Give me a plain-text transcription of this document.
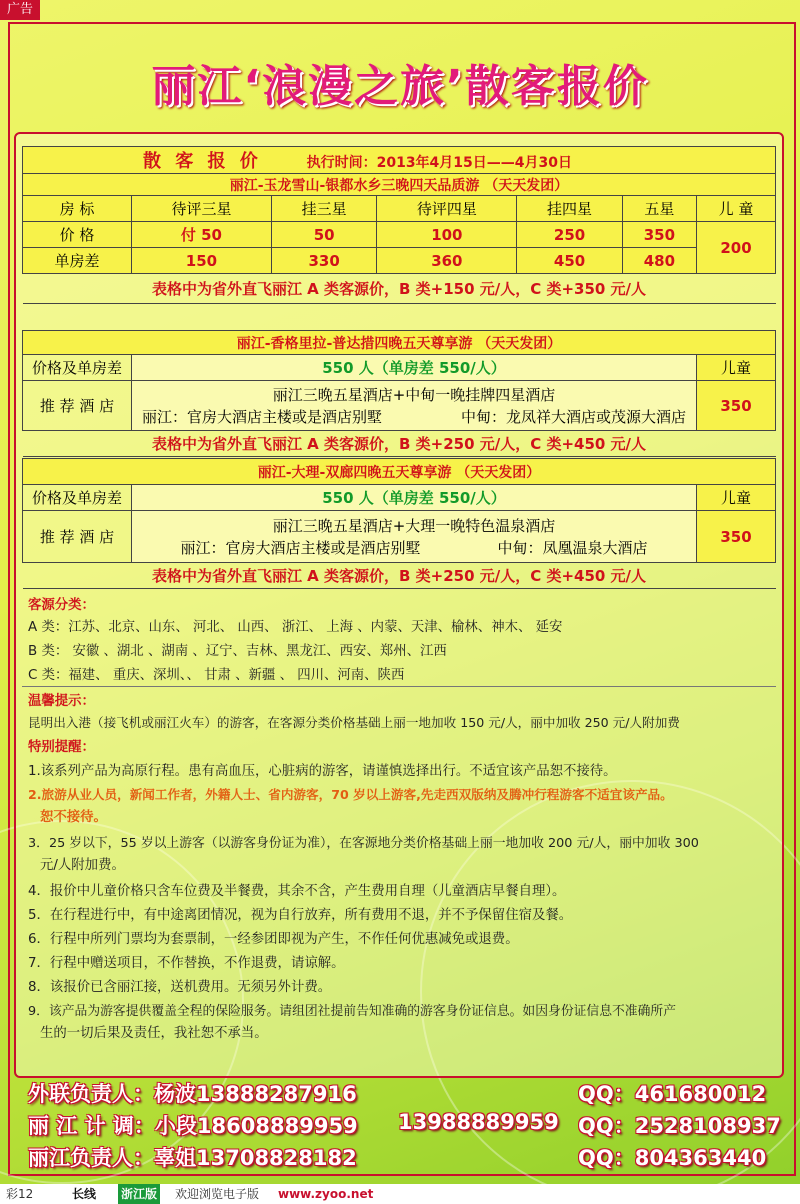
广告
丽江‘浪漫之旅’散客报价
散 客 报 价 执行时间：2013年4月15日——4月30日						
丽江-玉龙雪山-银都水乡三晚四天品质游 （天天发团）						
房 标	待评三星	挂三星	待评四星	挂四星	五星	儿 童
价 格	付 50	50	100	250	350	200
单房差	150	330	360	450	480	
表格中为省外直飞丽江 A 类客源价，B 类+150 元/人，C 类+350 元/人						
丽江-香格里拉-普达措四晚五天尊享游 （天天发团）		
价格及单房差	550 人（单房差 550/人）	儿童
推 荐 酒 店	丽江三晚五星酒店+中甸一晚挂牌四星酒店
丽江：官房大酒店主楼或是酒店别墅 中甸：龙凤祥大酒店或茂源大酒店	350
表格中为省外直飞丽江 A 类客源价，B 类+250 元/人，C 类+450 元/人		
丽江-大理-双廊四晚五天尊享游 （天天发团）		
价格及单房差	550 人（单房差 550/人）	儿童
推 荐 酒 店	丽江三晚五星酒店+大理一晚特色温泉酒店
丽江：官房大酒店主楼或是酒店别墅 中甸：凤凰温泉大酒店	350
表格中为省外直飞丽江 A 类客源价，B 类+250 元/人，C 类+450 元/人		
客源分类：
A 类：江苏、北京、山东、 河北、 山西、 浙江、 上海 、内蒙、天津、榆林、神木、 延安
B 类： 安徽 、湖北 、湖南 、辽宁、吉林、黑龙江、西安、郑州、江西
C 类：福建、 重庆、深圳、、 甘肃 、新疆 、 四川、河南、陕西
温馨提示：
昆明出入港（接飞机或丽江火车）的游客，在客源分类价格基础上丽一地加收 150 元/人，丽中加收 250 元/人附加费
特别提醒：
1.该系列产品为高原行程。患有高血压，心脏病的游客，请谨慎选择出行。不适宜该产品恕不接待。
2.旅游从业人员，新闻工作者，外籍人士、省内游客，70 岁以上游客,先走西双版纳及腾冲行程游客不适宜该产品。
恕不接待。
3．25 岁以下，55 岁以上游客（以游客身份证为准），在客源地分类价格基础上丽一地加收 200 元/人，丽中加收 300
元/人附加费。
4．报价中儿童价格只含车位费及半餐费，其余不含，产生费用自理（儿童酒店早餐自理）。
5．在行程进行中，有中途离团情况，视为自行放弃，所有费用不退，并不予保留住宿及餐。
6．行程中所列门票均为套票制，一经参团即视为产生，不作任何优惠减免或退费。
7．行程中赠送项目，不作替换，不作退费，请谅解。
8．该报价已含丽江接，送机费用。无须另外计费。
9．该产品为游客提供覆盖全程的保险服务。请组团社提前告知准确的游客身份证信息。如因身份证信息不准确所产
生的一切后果及责任，我社恕不承当。
外联负责人：杨波13888287916	QQ：461680012
丽 江 计 调：小段18608889959 13988889959 QQ：2528108937
丽江负责人：辜姐13708828182	QQ：804363440
彩12	长线 浙江版 欢迎浏览电子版 www.zyoo.net
